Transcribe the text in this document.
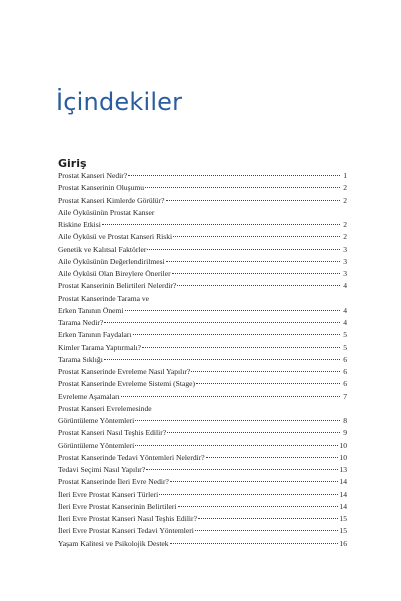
İçindekiler
Giriş
Prostat Kanseri Nedir?	1
Prostat Kanserinin Oluşumu	2
Prostat Kanseri Kimlerde Görülür?	2
Aile Öyküsünün Prostat Kanser
Riskine Etkisi	2
Aile Öyküsü ve Prostat Kanseri Riski	2
Genetik ve Kalıtsal Faktörler	3
Aile Öyküsünün Değerlendirilmesi	3
Aile Öyküsü Olan Bireylere Öneriler	3
Prostat Kanserinin Belirtileri Nelerdir?	4
Prostat Kanserinde Tarama ve
Erken Tanının Önemi	4
Tarama Nedir?	4
Erken Tanının Faydaları	5
Kimler Tarama Yaptırmalı?	5
Tarama Sıklığı	6
Prostat Kanserinde Evreleme Nasıl Yapılır?	6
Prostat Kanserinde Evreleme Sistemi (Stage)	6
Evreleme Aşamaları	7
Prostat Kanseri Evrelemesinde
Görüntüleme Yöntemleri	8
Prostat Kanseri Nasıl Teşhis Edilir?	9
Görüntüleme Yöntemleri	10
Prostat Kanserinde Tedavi Yöntemleri Nelerdir?	10
Tedavi Seçimi Nasıl Yapılır?	13
Prostat Kanserinde İleri Evre Nedir?	14
İleri Evre Prostat Kanseri Türleri	14
İleri Evre Prostat Kanserinin Belirtileri	14
İleri Evre Prostat Kanseri Nasıl Teşhis Edilir?	15
İleri Evre Prostat Kanseri Tedavi Yöntemleri	15
Yaşam Kalitesi ve Psikolojik Destek	16
